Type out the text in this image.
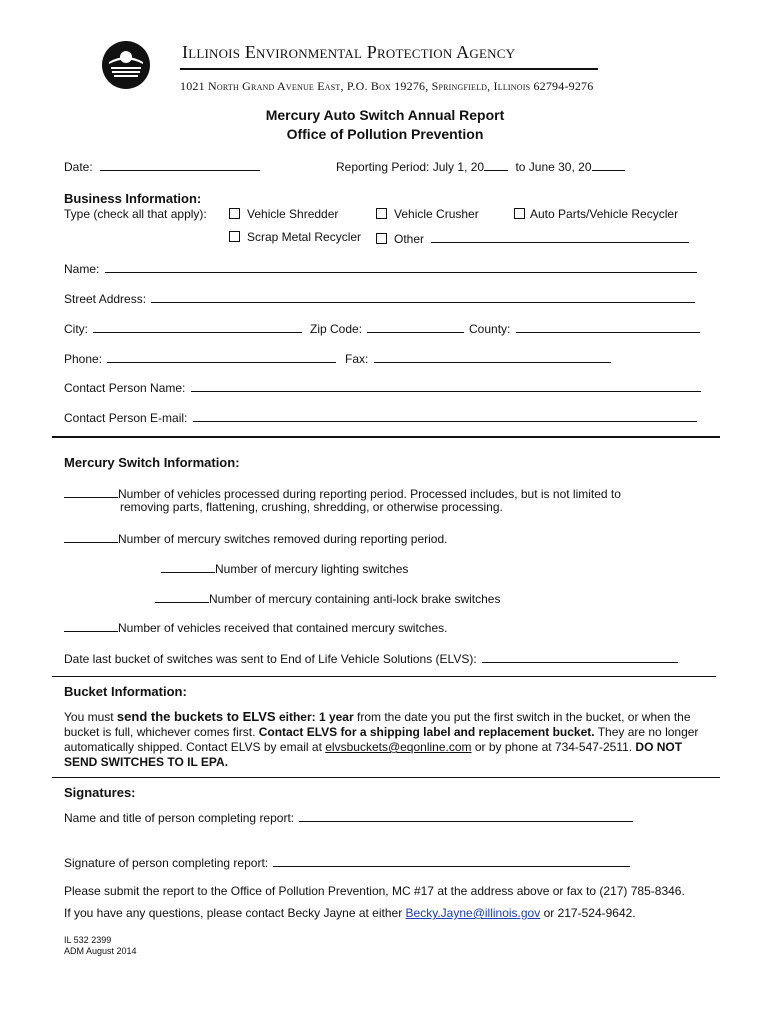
Illinois Environmental Protection Agency
1021 North Grand Avenue East, P.O. Box 19276, Springfield, Illinois 62794-9276
Mercury Auto Switch Annual Report
Office of Pollution Prevention
Date:	Reporting Period: July 1, 20	to June 30, 20
Business Information:
Type (check all that apply):	Vehicle Shredder	Vehicle Crusher	Auto Parts/Vehicle Recycler
Scrap Metal Recycler	Other
Name:
Street Address:
City:	Zip Code:	County:
Phone:	Fax:
Contact Person Name:
Contact Person E-mail:
Mercury Switch Information:
Number of vehicles processed during reporting period. Processed includes, but is not limited to
removing parts, flattening, crushing, shredding, or otherwise processing.
Number of mercury switches removed during reporting period.
Number of mercury lighting switches
Number of mercury containing anti-lock brake switches
Number of vehicles received that contained mercury switches.
Date last bucket of switches was sent to End of Life Vehicle Solutions (ELVS):
Bucket Information:
You must send the buckets to ELVS either: 1 year from the date you put the first switch in the bucket, or when the bucket is full, whichever comes first. Contact ELVS for a shipping label and replacement bucket. They are no longer automatically shipped. Contact ELVS by email at elvsbuckets@eqonline.com or by phone at 734-547-2511. DO NOT SEND SWITCHES TO IL EPA.
Signatures:
Name and title of person completing report:
Signature of person completing report:
Please submit the report to the Office of Pollution Prevention, MC #17 at the address above or fax to (217) 785-8346.
If you have any questions, please contact Becky Jayne at either Becky.Jayne@illinois.gov or 217-524-9642.
IL 532 2399
ADM August 2014
